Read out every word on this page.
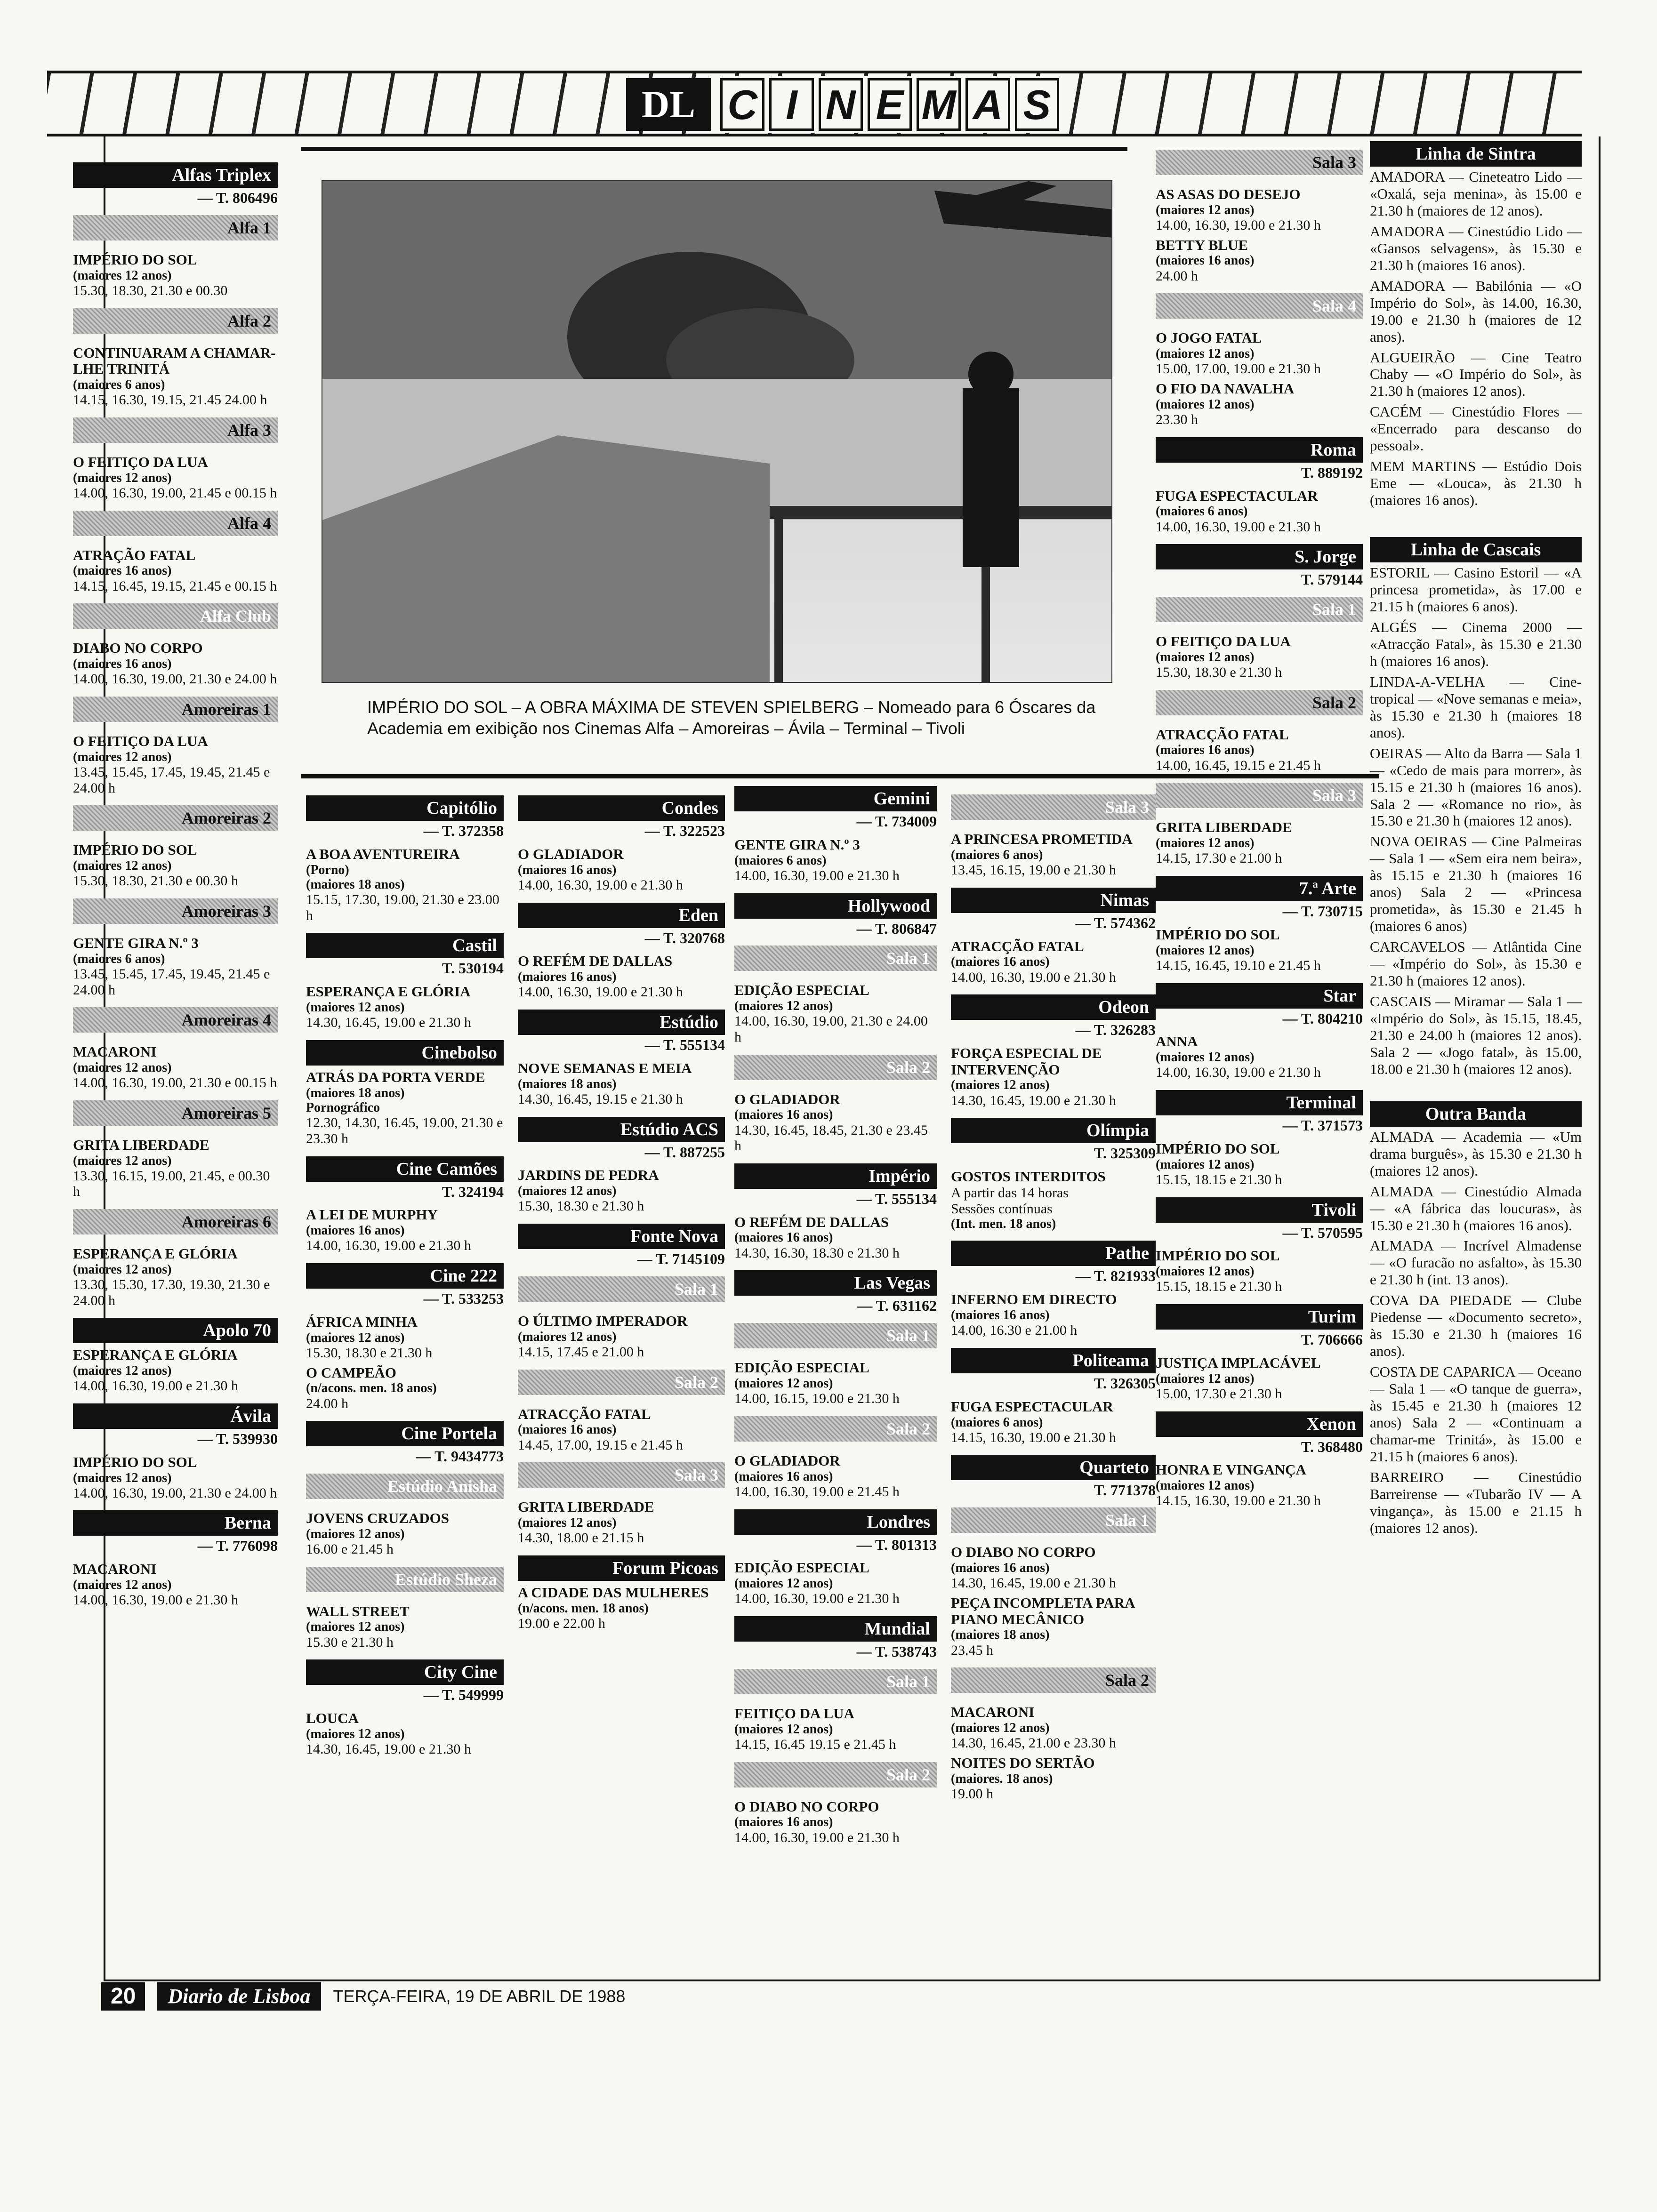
DL C I N E M A S
IMPÉRIO DO SOL – A OBRA MÁXIMA DE STEVEN SPIELBERG – Nomeado para 6 Óscares da Academia em exibição nos Cinemas Alfa – Amoreiras – Ávila – Terminal – Tivoli
Alfas Triplex
— T. 806496
Alfa 1
IMPÉRIO DO SOL
(maiores 12 anos)
15.30, 18.30, 21.30 e 00.30
Alfa 2
CONTINUARAM A CHAMAR-LHE TRINITÁ
(maiores 6 anos)
14.15, 16.30, 19.15, 21.45 24.00 h
Alfa 3
O FEITIÇO DA LUA
(maiores 12 anos)
14.00, 16.30, 19.00, 21.45 e 00.15 h
Alfa 4
ATRAÇÃO FATAL
(maiores 16 anos)
14.15, 16.45, 19.15, 21.45 e 00.15 h
Alfa Club
DIABO NO CORPO
(maiores 16 anos)
14.00, 16.30, 19.00, 21.30 e 24.00 h
Amoreiras 1
O FEITIÇO DA LUA
(maiores 12 anos)
13.45, 15.45, 17.45, 19.45, 21.45 e 24.00 h
Amoreiras 2
IMPÉRIO DO SOL
(maiores 12 anos)
15.30, 18.30, 21.30 e 00.30 h
Amoreiras 3
GENTE GIRA N.º 3
(maiores 6 anos)
13.45, 15.45, 17.45, 19.45, 21.45 e 24.00 h
Amoreiras 4
MACARONI
(maiores 12 anos)
14.00, 16.30, 19.00, 21.30 e 00.15 h
Amoreiras 5
GRITA LIBERDADE
(maiores 12 anos)
13.30, 16.15, 19.00, 21.45, e 00.30 h
Amoreiras 6
ESPERANÇA E GLÓRIA
(maiores 12 anos)
13.30, 15.30, 17.30, 19.30, 21.30 e 24.00 h
Apolo 70
ESPERANÇA E GLÓRIA
(maiores 12 anos)
14.00, 16.30, 19.00 e 21.30 h
Ávila
— T. 539930
IMPÉRIO DO SOL
(maiores 12 anos)
14.00, 16.30, 19.00, 21.30 e 24.00 h
Berna
— T. 776098
MACARONI
(maiores 12 anos)
14.00, 16.30, 19.00 e 21.30 h
Capitólio
— T. 372358
A BOA AVENTUREIRA
(Porno)
(maiores 18 anos)
15.15, 17.30, 19.00, 21.30 e 23.00 h
Castil
T. 530194
ESPERANÇA E GLÓRIA
(maiores 12 anos)
14.30, 16.45, 19.00 e 21.30 h
Cinebolso
ATRÁS DA PORTA VERDE
(maiores 18 anos)
Pornográfico
12.30, 14.30, 16.45, 19.00, 21.30 e 23.30 h
Cine Camões
T. 324194
A LEI DE MURPHY
(maiores 16 anos)
14.00, 16.30, 19.00 e 21.30 h
Cine 222
— T. 533253
ÁFRICA MINHA
(maiores 12 anos)
15.30, 18.30 e 21.30 h
O CAMPEÃO
(n/acons. men. 18 anos)
24.00 h
Cine Portela
— T. 9434773
Estúdio Anisha
JOVENS CRUZADOS
(maiores 12 anos)
16.00 e 21.45 h
Estúdio Sheza
WALL STREET
(maiores 12 anos)
15.30 e 21.30 h
City Cine
— T. 549999
LOUCA
(maiores 12 anos)
14.30, 16.45, 19.00 e 21.30 h
Condes
— T. 322523
O GLADIADOR
(maiores 16 anos)
14.00, 16.30, 19.00 e 21.30 h
Eden
— T. 320768
O REFÉM DE DALLAS
(maiores 16 anos)
14.00, 16.30, 19.00 e 21.30 h
Estúdio
— T. 555134
NOVE SEMANAS E MEIA
(maiores 18 anos)
14.30, 16.45, 19.15 e 21.30 h
Estúdio ACS
— T. 887255
JARDINS DE PEDRA
(maiores 12 anos)
15.30, 18.30 e 21.30 h
Fonte Nova
— T. 7145109
Sala 1
O ÚLTIMO IMPERADOR
(maiores 12 anos)
14.15, 17.45 e 21.00 h
Sala 2
ATRACÇÃO FATAL
(maiores 16 anos)
14.45, 17.00, 19.15 e 21.45 h
Sala 3
GRITA LIBERDADE
(maiores 12 anos)
14.30, 18.00 e 21.15 h
Forum Picoas
A CIDADE DAS MULHERES
(n/acons. men. 18 anos)
19.00 e 22.00 h
Gemini
— T. 734009
GENTE GIRA N.º 3
(maiores 6 anos)
14.00, 16.30, 19.00 e 21.30 h
Hollywood
— T. 806847
Sala 1
EDIÇÃO ESPECIAL
(maiores 12 anos)
14.00, 16.30, 19.00, 21.30 e 24.00 h
Sala 2
O GLADIADOR
(maiores 16 anos)
14.30, 16.45, 18.45, 21.30 e 23.45 h
Império
— T. 555134
O REFÉM DE DALLAS
(maiores 16 anos)
14.30, 16.30, 18.30 e 21.30 h
Las Vegas
— T. 631162
Sala 1
EDIÇÃO ESPECIAL
(maiores 12 anos)
14.00, 16.15, 19.00 e 21.30 h
Sala 2
O GLADIADOR
(maiores 16 anos)
14.00, 16.30, 19.00 e 21.45 h
Londres
— T. 801313
EDIÇÃO ESPECIAL
(maiores 12 anos)
14.00, 16.30, 19.00 e 21.30 h
Mundial
— T. 538743
Sala 1
FEITIÇO DA LUA
(maiores 12 anos)
14.15, 16.45 19.15 e 21.45 h
Sala 2
O DIABO NO CORPO
(maiores 16 anos)
14.00, 16.30, 19.00 e 21.30 h
Sala 3
A PRINCESA PROMETIDA
(maiores 6 anos)
13.45, 16.15, 19.00 e 21.30 h
Nimas
— T. 574362
ATRACÇÃO FATAL
(maiores 16 anos)
14.00, 16.30, 19.00 e 21.30 h
Odeon
— T. 326283
FORÇA ESPECIAL DE INTERVENÇÃO
(maiores 12 anos)
14.30, 16.45, 19.00 e 21.30 h
Olímpia
T. 325309
GOSTOS INTERDITOS
A partir das 14 horas
Sessões contínuas
(Int. men. 18 anos)
Pathe
— T. 821933
INFERNO EM DIRECTO
(maiores 16 anos)
14.00, 16.30 e 21.00 h
Politeama
T. 326305
FUGA ESPECTACULAR
(maiores 6 anos)
14.15, 16.30, 19.00 e 21.30 h
Quarteto
T. 771378
Sala 1
O DIABO NO CORPO
(maiores 16 anos)
14.30, 16.45, 19.00 e 21.30 h
PEÇA INCOMPLETA PARA PIANO MECÂNICO
(maiores 18 anos)
23.45 h
Sala 2
MACARONI
(maiores 12 anos)
14.30, 16.45, 21.00 e 23.30 h
NOITES DO SERTÃO
(maiores. 18 anos)
19.00 h
Sala 3
AS ASAS DO DESEJO
(maiores 12 anos)
14.00, 16.30, 19.00 e 21.30 h
BETTY BLUE
(maiores 16 anos)
24.00 h
Sala 4
O JOGO FATAL
(maiores 12 anos)
15.00, 17.00, 19.00 e 21.30 h
O FIO DA NAVALHA
(maiores 12 anos)
23.30 h
Roma
T. 889192
FUGA ESPECTACULAR
(maiores 6 anos)
14.00, 16.30, 19.00 e 21.30 h
S. Jorge
T. 579144
Sala 1
O FEITIÇO DA LUA
(maiores 12 anos)
15.30, 18.30 e 21.30 h
Sala 2
ATRACÇÃO FATAL
(maiores 16 anos)
14.00, 16.45, 19.15 e 21.45 h
Sala 3
GRITA LIBERDADE
(maiores 12 anos)
14.15, 17.30 e 21.00 h
7.ª Arte
— T. 730715
IMPÉRIO DO SOL
(maiores 12 anos)
14.15, 16.45, 19.10 e 21.45 h
Star
— T. 804210
ANNA
(maiores 12 anos)
14.00, 16.30, 19.00 e 21.30 h
Terminal
— T. 371573
IMPÉRIO DO SOL
(maiores 12 anos)
15.15, 18.15 e 21.30 h
Tivoli
— T. 570595
IMPÉRIO DO SOL
(maiores 12 anos)
15.15, 18.15 e 21.30 h
Turim
T. 706666
JUSTIÇA IMPLACÁVEL
(maiores 12 anos)
15.00, 17.30 e 21.30 h
Xenon
T. 368480
HONRA E VINGANÇA
(maiores 12 anos)
14.15, 16.30, 19.00 e 21.30 h
Linha de Sintra
AMADORA — Cineteatro Lido — «Oxalá, seja menina», às 15.00 e 21.30 h (maiores de 12 anos).
AMADORA — Cinestúdio Lido — «Gansos selvagens», às 15.30 e 21.30 h (maiores 16 anos).
AMADORA — Babilónia — «O Império do Sol», às 14.00, 16.30, 19.00 e 21.30 h (maiores de 12 anos).
ALGUEIRÃO — Cine Teatro Chaby — «O Império do Sol», às 21.30 h (maiores 12 anos).
CACÉM — Cinestúdio Flores — «Encerrado para descanso do pessoal».
MEM MARTINS — Estúdio Dois Eme — «Louca», às 21.30 h (maiores 16 anos).
Linha de Cascais
ESTORIL — Casino Estoril — «A princesa prometida», às 17.00 e 21.15 h (maiores 6 anos).
ALGÉS — Cinema 2000 — «Atracção Fatal», às 15.30 e 21.30 h (maiores 16 anos).
LINDA-A-VELHA — Cine-tropical — «Nove semanas e meia», às 15.30 e 21.30 h (maiores 18 anos).
OEIRAS — Alto da Barra — Sala 1 — «Cedo de mais para morrer», às 15.15 e 21.30 h (maiores 16 anos). Sala 2 — «Romance no rio», às 15.30 e 21.30 h (maiores 12 anos).
NOVA OEIRAS — Cine Palmeiras — Sala 1 — «Sem eira nem beira», às 15.15 e 21.30 h (maiores 16 anos) Sala 2 — «Princesa prometida», às 15.30 e 21.45 h (maiores 6 anos)
CARCAVELOS — Atlântida Cine — «Império do Sol», às 15.30 e 21.30 h (maiores 12 anos).
CASCAIS — Miramar — Sala 1 — «Império do Sol», às 15.15, 18.45, 21.30 e 24.00 h (maiores 12 anos). Sala 2 — «Jogo fatal», às 15.00, 18.00 e 21.30 h (maiores 12 anos).
Outra Banda
ALMADA — Academia — «Um drama burguês», às 15.30 e 21.30 h (maiores 12 anos).
ALMADA — Cinestúdio Almada — «A fábrica das loucuras», às 15.30 e 21.30 h (maiores 16 anos).
ALMADA — Incrível Almadense — «O furacão no asfalto», às 15.30 e 21.30 h (int. 13 anos).
COVA DA PIEDADE — Clube Piedense — «Documento secreto», às 15.30 e 21.30 h (maiores 16 anos).
COSTA DE CAPARICA — Oceano — Sala 1 — «O tanque de guerra», às 15.45 e 21.30 h (maiores 12 anos) Sala 2 — «Continuam a chamar-me Trinitá», às 15.00 e 21.15 h (maiores 6 anos).
BARREIRO — Cinestúdio Barreirense — «Tubarão IV — A vingança», às 15.00 e 21.15 h (maiores 12 anos).
20	Diario de Lisboa	TERÇA-FEIRA, 19 DE ABRIL DE 1988
